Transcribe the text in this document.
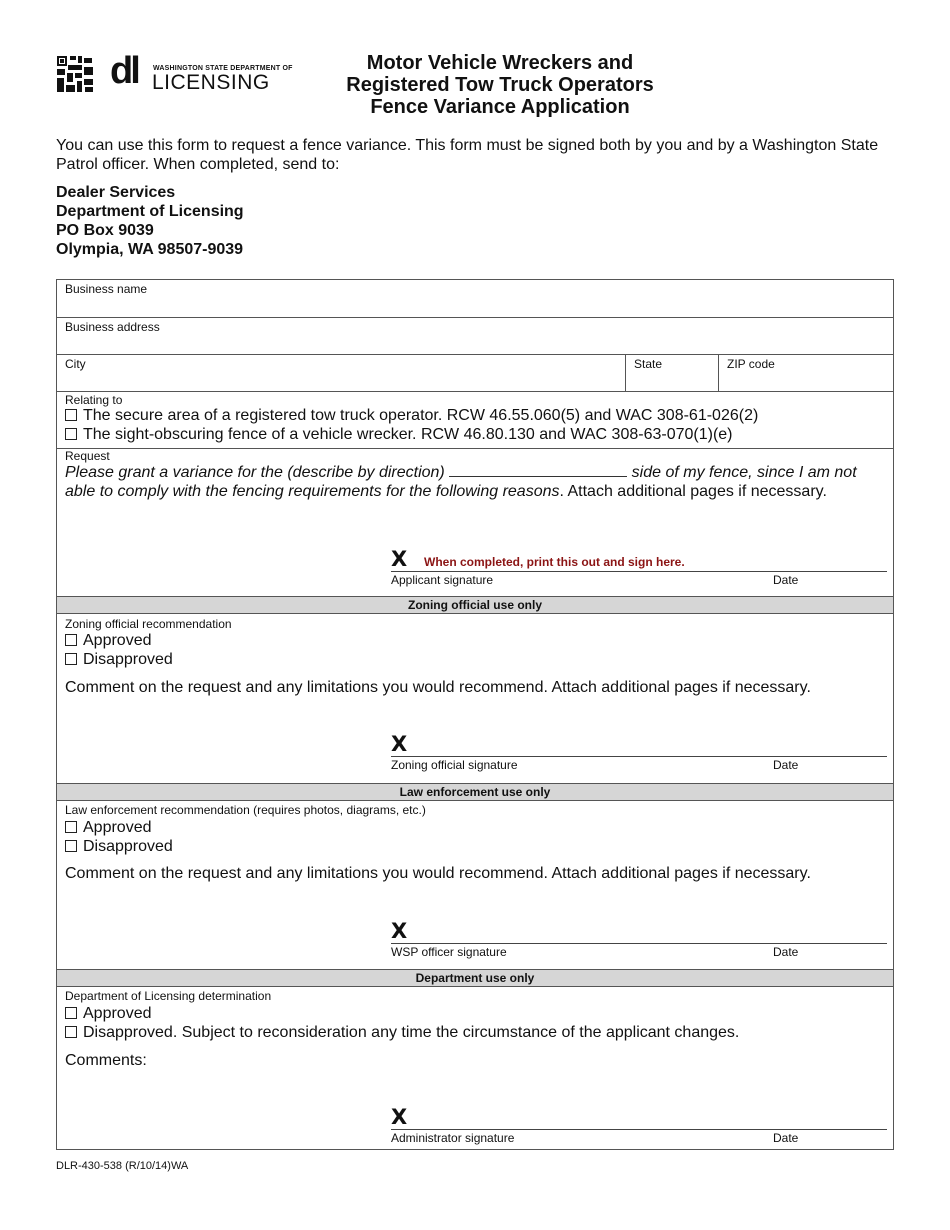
dl WASHINGTON STATE DEPARTMENT OF
LICENSING
Motor Vehicle Wreckers and
Registered Tow Truck Operators
Fence Variance Application
You can use this form to request a fence variance. This form must be signed both by you and by a Washington State Patrol officer. When completed, send to:
Dealer Services
Department of Licensing
PO Box 9039
Olympia, WA 98507-9039
Business name
Business address
City	State	ZIP code
Relating to
The secure area of a registered tow truck operator. RCW 46.55.060(5) and WAC 308-61-026(2)
The sight-obscuring fence of a vehicle wrecker. RCW 46.80.130 and WAC 308-63-070(1)(e)
Request
Please grant a variance for the (describe by direction)	side of my fence, since I am not
able to comply with the fencing requirements for the following reasons. Attach additional pages if necessary.
X When completed, print this out and sign here.
Applicant signature	Date
Zoning official use only
Zoning official recommendation
Approved
Disapproved
Comment on the request and any limitations you would recommend. Attach additional pages if necessary.
X
Zoning official signature	Date
Law enforcement use only
Law enforcement recommendation (requires photos, diagrams, etc.)
Approved
Disapproved
Comment on the request and any limitations you would recommend. Attach additional pages if necessary.
X
WSP officer signature	Date
Department use only
Department of Licensing determination
Approved
Disapproved. Subject to reconsideration any time the circumstance of the applicant changes.
Comments:
X
Administrator signature	Date
DLR-430-538 (R/10/14)WA
